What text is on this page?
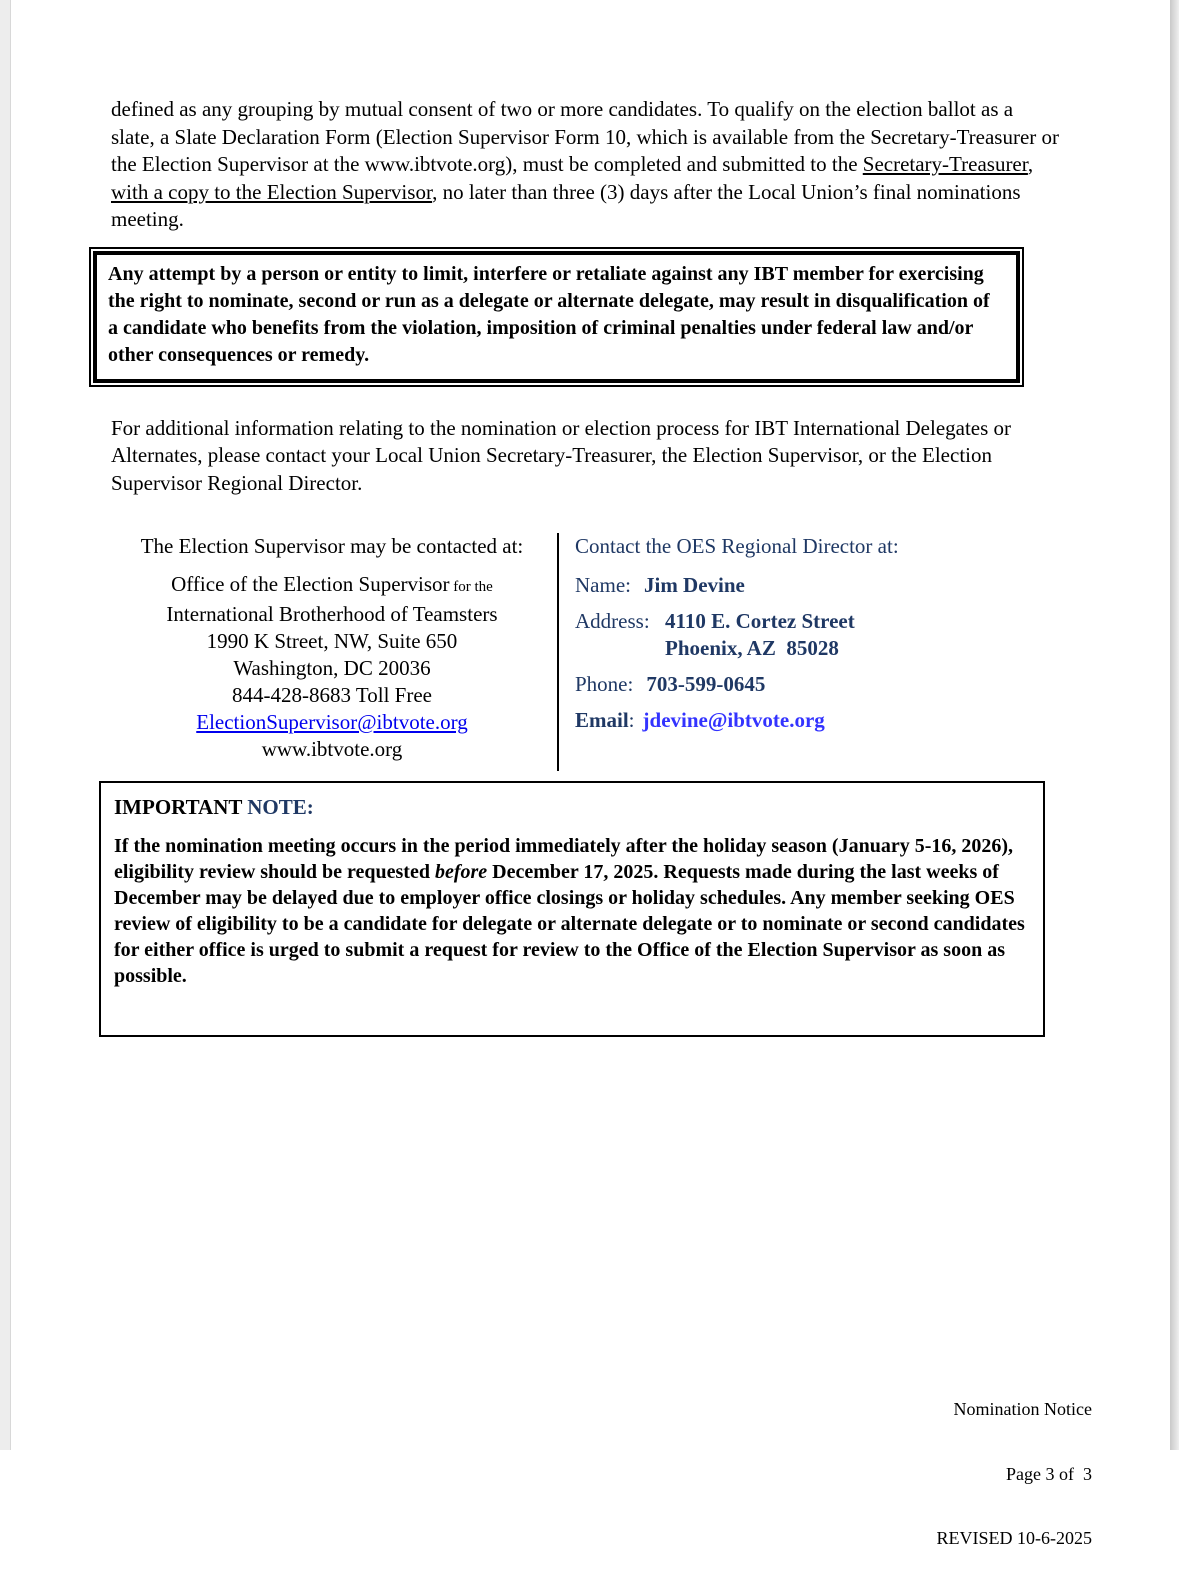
defined as any grouping by mutual consent of two or more candidates. To qualify on the election ballot as a slate, a Slate Declaration Form (Election Supervisor Form 10, which is available from the Secretary-Treasurer or the Election Supervisor at the www.ibtvote.org), must be completed and submitted to the Secretary-Treasurer, with a copy to the Election Supervisor, no later than three (3) days after the Local Union’s final nominations meeting.

Any attempt by a person or entity to limit, interfere or retaliate against any IBT member for exercising the right to nominate, second or run as a delegate or alternate delegate, may result in disqualification of a candidate who benefits from the violation, imposition of criminal penalties under federal law and/or other consequences or remedy.

For additional information relating to the nomination or election process for IBT International Delegates or Alternates, please contact your Local Union Secretary-Treasurer, the Election Supervisor, or the Election Supervisor Regional Director.

The Election Supervisor may be contacted at:
Office of the Election Supervisor for the
International Brotherhood of Teamsters
1990 K Street, NW, Suite 650
Washington, DC 20036
844-428-8683 Toll Free
ElectionSupervisor@ibtvote.org
www.ibtvote.org
Contact the OES Regional Director at:
Name: Jim Devine
Address: 4110 E. Cortez Street
Phoenix, AZ  85028
Phone: 703-599-0645
Email: jdevine@ibtvote.org
IMPORTANT NOTE:
If the nomination meeting occurs in the period immediately after the holiday season (January 5-16, 2026), eligibility review should be requested before December 17, 2025. Requests made during the last weeks of December may be delayed due to employer office closings or holiday schedules. Any member seeking OES review of eligibility to be a candidate for delegate or alternate delegate or to nominate or second candidates for either office is urged to submit a request for review to the Office of the Election Supervisor as soon as possible.

Nomination Notice

Page 3 of  3

REVISED 10-6-2025
